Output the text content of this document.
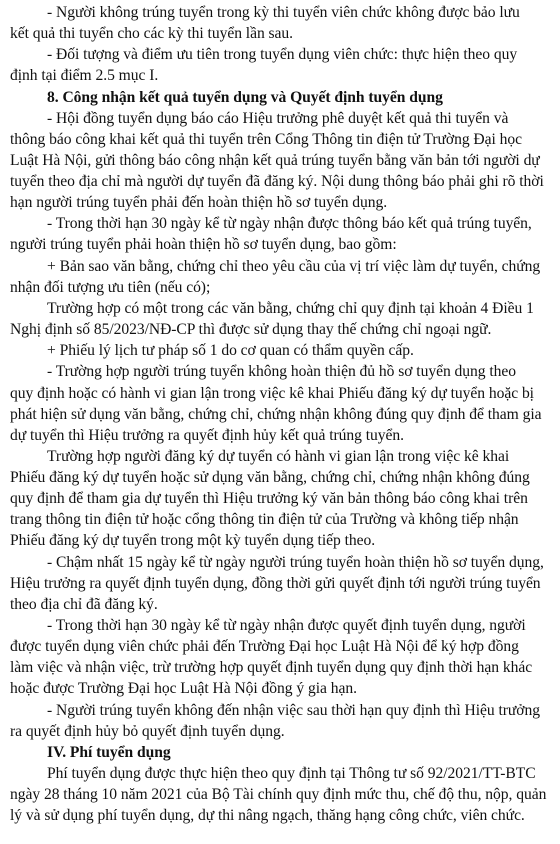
- Người không trúng tuyển trong kỳ thi tuyển viên chức không được bảo lưu
kết quả thi tuyển cho các kỳ thi tuyển lần sau.
- Đối tượng và điểm ưu tiên trong tuyển dụng viên chức: thực hiện theo quy
định tại điểm 2.5 mục I.
8. Công nhận kết quả tuyển dụng và Quyết định tuyển dụng
- Hội đồng tuyển dụng báo cáo Hiệu trưởng phê duyệt kết quả thi tuyển và
thông báo công khai kết quả thi tuyển trên Cổng Thông tin điện tử Trường Đại học
Luật Hà Nội, gửi thông báo công nhận kết quả trúng tuyển bằng văn bản tới người dự
tuyển theo địa chỉ mà người dự tuyển đã đăng ký. Nội dung thông báo phải ghi rõ thời
hạn người trúng tuyển phải đến hoàn thiện hồ sơ tuyển dụng.
- Trong thời hạn 30 ngày kể từ ngày nhận được thông báo kết quả trúng tuyển,
người trúng tuyển phải hoàn thiện hồ sơ tuyển dụng, bao gồm:
+ Bản sao văn bằng, chứng chỉ theo yêu cầu của vị trí việc làm dự tuyển, chứng
nhận đối tượng ưu tiên (nếu có);
Trường hợp có một trong các văn bằng, chứng chỉ quy định tại khoản 4 Điều 1
Nghị định số 85/2023/NĐ-CP thì được sử dụng thay thế chứng chỉ ngoại ngữ.
+ Phiếu lý lịch tư pháp số 1 do cơ quan có thẩm quyền cấp.
- Trường hợp người trúng tuyển không hoàn thiện đủ hồ sơ tuyển dụng theo
quy định hoặc có hành vi gian lận trong việc kê khai Phiếu đăng ký dự tuyển hoặc bị
phát hiện sử dụng văn bằng, chứng chỉ, chứng nhận không đúng quy định để tham gia
dự tuyển thì Hiệu trưởng ra quyết định hủy kết quả trúng tuyển.
Trường hợp người đăng ký dự tuyển có hành vi gian lận trong việc kê khai
Phiếu đăng ký dự tuyển hoặc sử dụng văn bằng, chứng chỉ, chứng nhận không đúng
quy định để tham gia dự tuyển thì Hiệu trưởng ký văn bản thông báo công khai trên
trang thông tin điện tử hoặc cổng thông tin điện tử của Trường và không tiếp nhận
Phiếu đăng ký dự tuyển trong một kỳ tuyển dụng tiếp theo.
- Chậm nhất 15 ngày kể từ ngày người trúng tuyển hoàn thiện hồ sơ tuyển dụng,
Hiệu trưởng ra quyết định tuyển dụng, đồng thời gửi quyết định tới người trúng tuyển
theo địa chỉ đã đăng ký.
- Trong thời hạn 30 ngày kể từ ngày nhận được quyết định tuyển dụng, người
được tuyển dụng viên chức phải đến Trường Đại học Luật Hà Nội để ký hợp đồng
làm việc và nhận việc, trừ trường hợp quyết định tuyển dụng quy định thời hạn khác
hoặc được Trường Đại học Luật Hà Nội đồng ý gia hạn.
- Người trúng tuyển không đến nhận việc sau thời hạn quy định thì Hiệu trưởng
ra quyết định hủy bỏ quyết định tuyển dụng.
IV. Phí tuyển dụng
Phí tuyển dụng được thực hiện theo quy định tại Thông tư số 92/2021/TT-BTC
ngày 28 tháng 10 năm 2021 của Bộ Tài chính quy định mức thu, chế độ thu, nộp, quản
lý và sử dụng phí tuyển dụng, dự thi nâng ngạch, thăng hạng công chức, viên chức.
